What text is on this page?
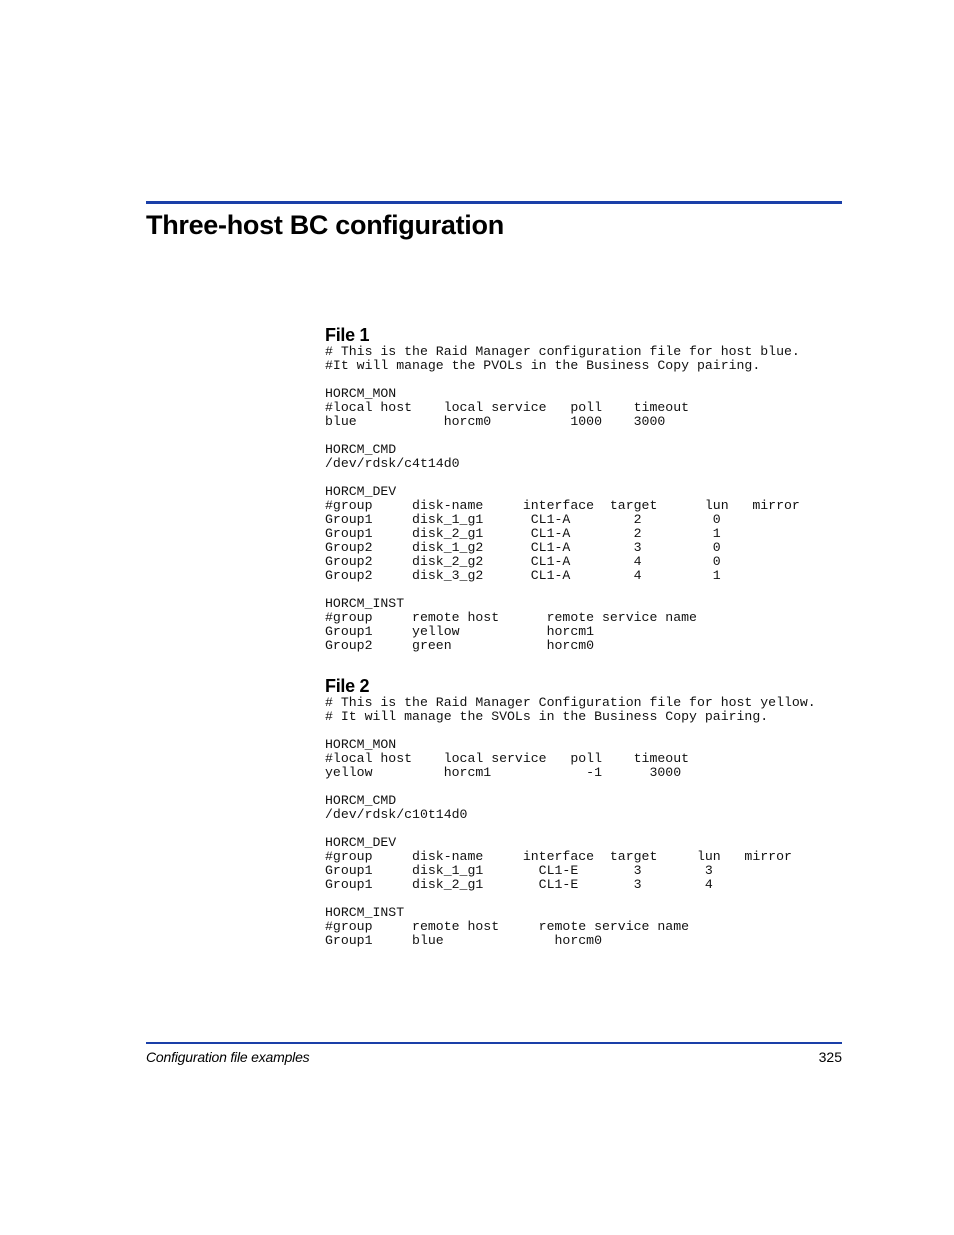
Three-host BC configuration
File 1
# This is the Raid Manager configuration file for host blue.
#It will manage the PVOLs in the Business Copy pairing.

HORCM_MON
#local host    local service   poll    timeout
blue           horcm0          1000    3000

HORCM_CMD
/dev/rdsk/c4t14d0

HORCM_DEV
#group     disk-name     interface  target      lun   mirror
Group1     disk_1_g1      CL1-A        2         0
Group1     disk_2_g1      CL1-A        2         1
Group2     disk_1_g2      CL1-A        3         0
Group2     disk_2_g2      CL1-A        4         0
Group2     disk_3_g2      CL1-A        4         1

HORCM_INST
#group     remote host      remote service name
Group1     yellow           horcm1
Group2     green            horcm0
File 2
# This is the Raid Manager Configuration file for host yellow.
# It will manage the SVOLs in the Business Copy pairing.

HORCM_MON
#local host    local service   poll    timeout
yellow         horcm1            -1      3000

HORCM_CMD
/dev/rdsk/c10t14d0

HORCM_DEV
#group     disk-name     interface  target     lun   mirror
Group1     disk_1_g1       CL1-E       3        3
Group1     disk_2_g1       CL1-E       3        4

HORCM_INST
#group     remote host     remote service name
Group1     blue              horcm0
Configuration file examples	325
